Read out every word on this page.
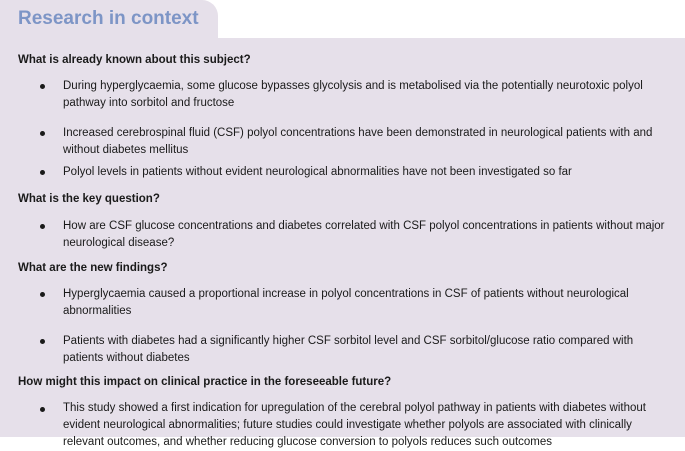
Research in context
What is already known about this subject?
During hyperglycaemia, some glucose bypasses glycolysis and is metabolised via the potentially neurotoxic polyol pathway into sorbitol and fructose
Increased cerebrospinal fluid (CSF) polyol concentrations have been demonstrated in neurological patients with and without diabetes mellitus
Polyol levels in patients without evident neurological abnormalities have not been investigated so far
What is the key question?
How are CSF glucose concentrations and diabetes correlated with CSF polyol concentrations in patients without major neurological disease?
What are the new findings?
Hyperglycaemia caused a proportional increase in polyol concentrations in CSF of patients without neurological abnormalities
Patients with diabetes had a significantly higher CSF sorbitol level and CSF sorbitol/glucose ratio compared with patients without diabetes
How might this impact on clinical practice in the foreseeable future?
This study showed a first indication for upregulation of the cerebral polyol pathway in patients with diabetes without evident neurological abnormalities; future studies could investigate whether polyols are associated with clinically relevant outcomes, and whether reducing glucose conversion to polyols reduces such outcomes
